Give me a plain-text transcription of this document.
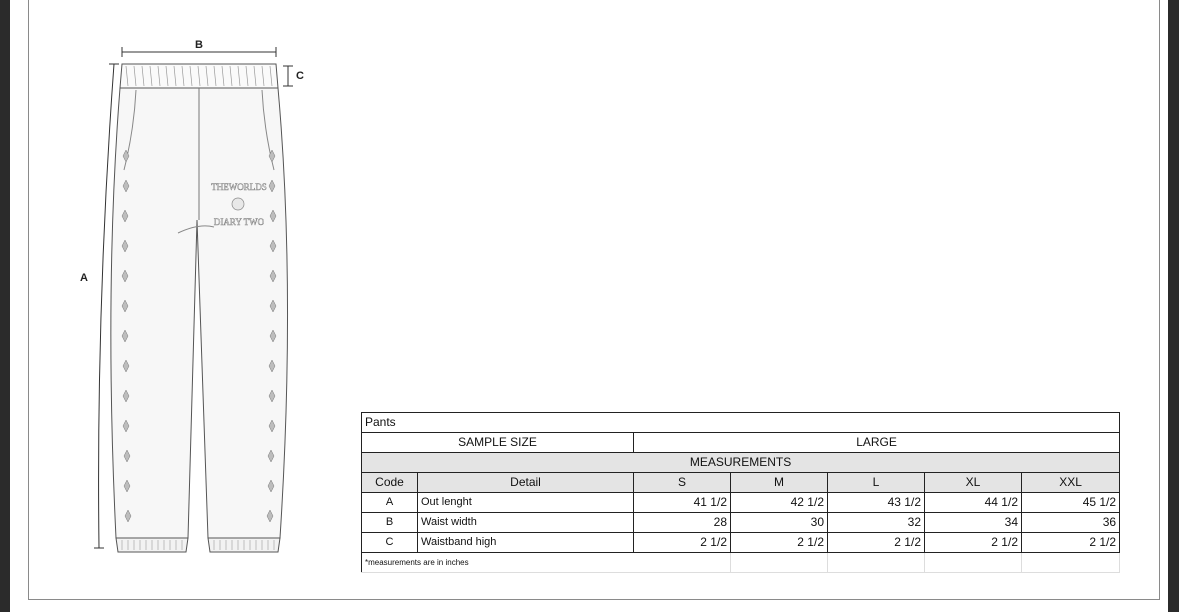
B
C
A
THEWORLDS
DIARY TWO
Pants						
SAMPLE SIZE		LARGE				
MEASUREMENTS						
Code	Detail	S	M	L	XL	XXL
A	Out lenght	41 1/2	42 1/2	43 1/2	44 1/2	45 1/2
B	Waist width	28	30	32	34	36
C	Waistband high	2 1/2	2 1/2	2 1/2	2 1/2	2 1/2
*measurements are in inches						
